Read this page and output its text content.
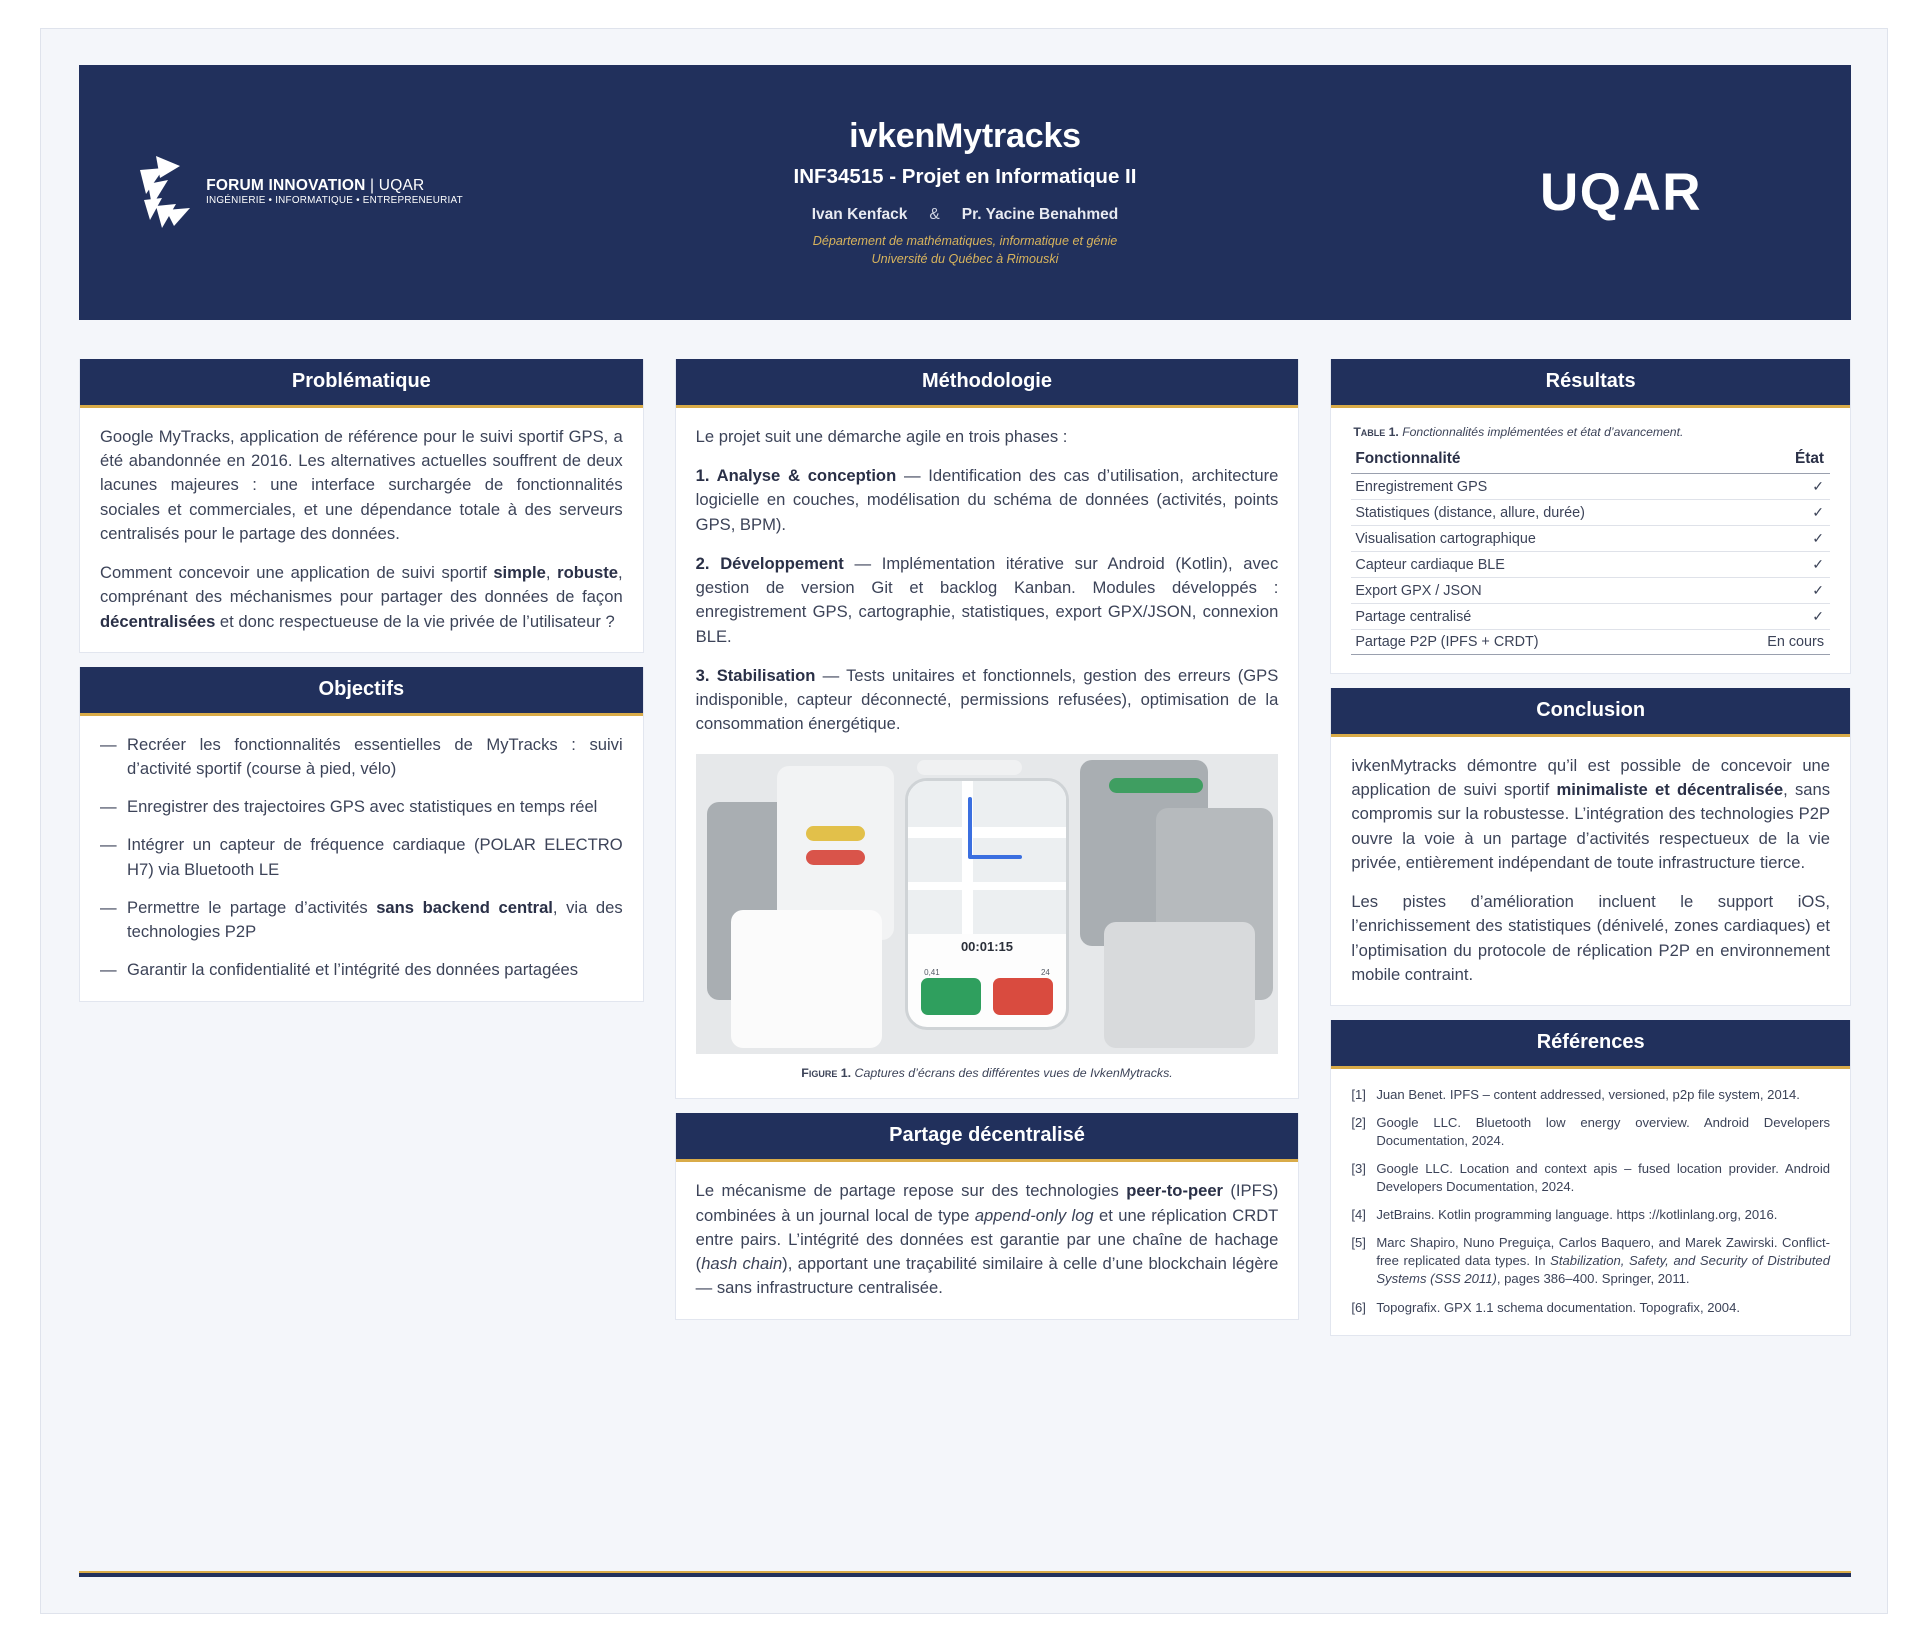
FORUM INNOVATION | UQAR
INGÉNIERIE • INFORMATIQUE • ENTREPRENEURIAT
ivkenMytracks
INF34515 - Projet en Informatique II
Ivan Kenfack & Pr. Yacine Benahmed
Département de mathématiques, informatique et génie
Université du Québec à Rimouski
UQAR
Problématique

Google MyTracks, application de référence pour le suivi sportif GPS, a été abandonnée en 2016. Les alternatives actuelles souffrent de deux lacunes majeures : une interface surchargée de fonctionnalités sociales et commerciales, et une dépendance totale à des serveurs centralisés pour le partage des données.

Comment concevoir une application de suivi sportif simple, robuste, comprénant des méchanismes pour partager des données de façon décentralisées et donc respectueuse de la vie privée de l’utilisateur ?

Objectifs
— Recréer les fonctionnalités essentielles de MyTracks : suivi d’activité sportif (course à pied, vélo)
— Enregistrer des trajectoires GPS avec statistiques en temps réel
— Intégrer un capteur de fréquence cardiaque (POLAR ELECTRO H7) via Bluetooth LE
— Permettre le partage d’activités sans backend central, via des technologies P2P
— Garantir la confidentialité et l’intégrité des données partagées
Méthodologie

Le projet suit une démarche agile en trois phases :

1. Analyse & conception — Identification des cas d’utilisation, architecture logicielle en couches, modélisation du schéma de données (activités, points GPS, BPM).

2. Développement — Implémentation itérative sur Android (Kotlin), avec gestion de version Git et backlog Kanban. Modules développés : enregistrement GPS, cartographie, statistiques, export GPX/JSON, connexion BLE.

3. Stabilisation — Tests unitaires et fonctionnels, gestion des erreurs (GPS indisponible, capteur déconnecté, permissions refusées), optimisation de la consommation énergétique.

00:01:15
0,41	24
Figure 1. Captures d’écrans des différentes vues de IvkenMytracks.
Partage décentralisé

Le mécanisme de partage repose sur des technologies peer-to-peer (IPFS) combinées à un journal local de type append-only log et une réplication CRDT entre pairs. L’intégrité des données est garantie par une chaîne de hachage (hash chain), apportant une traçabilité similaire à celle d’une blockchain légère — sans infrastructure centralisée.

Résultats
Table 1. Fonctionnalités implémentées et état d’avancement.
Fonctionnalité	État
Enregistrement GPS	✓
Statistiques (distance, allure, durée)	✓
Visualisation cartographique	✓
Capteur cardiaque BLE	✓
Export GPX / JSON	✓
Partage centralisé	✓
Partage P2P (IPFS + CRDT)	En cours
Conclusion

ivkenMytracks démontre qu’il est possible de concevoir une application de suivi sportif minimaliste et décentralisée, sans compromis sur la robustesse. L’intégration des technologies P2P ouvre la voie à un partage d’activités respectueux de la vie privée, entièrement indépendant de toute infrastructure tierce.

Les pistes d’amélioration incluent le support iOS, l’enrichissement des statistiques (dénivelé, zones cardiaques) et l’optimisation du protocole de réplication P2P en environnement mobile contraint.

Références
[1] Juan Benet. IPFS – content addressed, versioned, p2p file system, 2014.
[2] Google LLC. Bluetooth low energy overview. Android Developers Documentation, 2024.
[3] Google LLC. Location and context apis – fused location provider. Android Developers Documentation, 2024.
[4] JetBrains. Kotlin programming language. https ://kotlinlang.org, 2016.
[5] Marc Shapiro, Nuno Preguiça, Carlos Baquero, and Marek Zawirski. Conflict-free replicated data types. In Stabilization, Safety, and Security of Distributed Systems (SSS 2011), pages 386–400. Springer, 2011.
[6] Topografix. GPX 1.1 schema documentation. Topografix, 2004.
